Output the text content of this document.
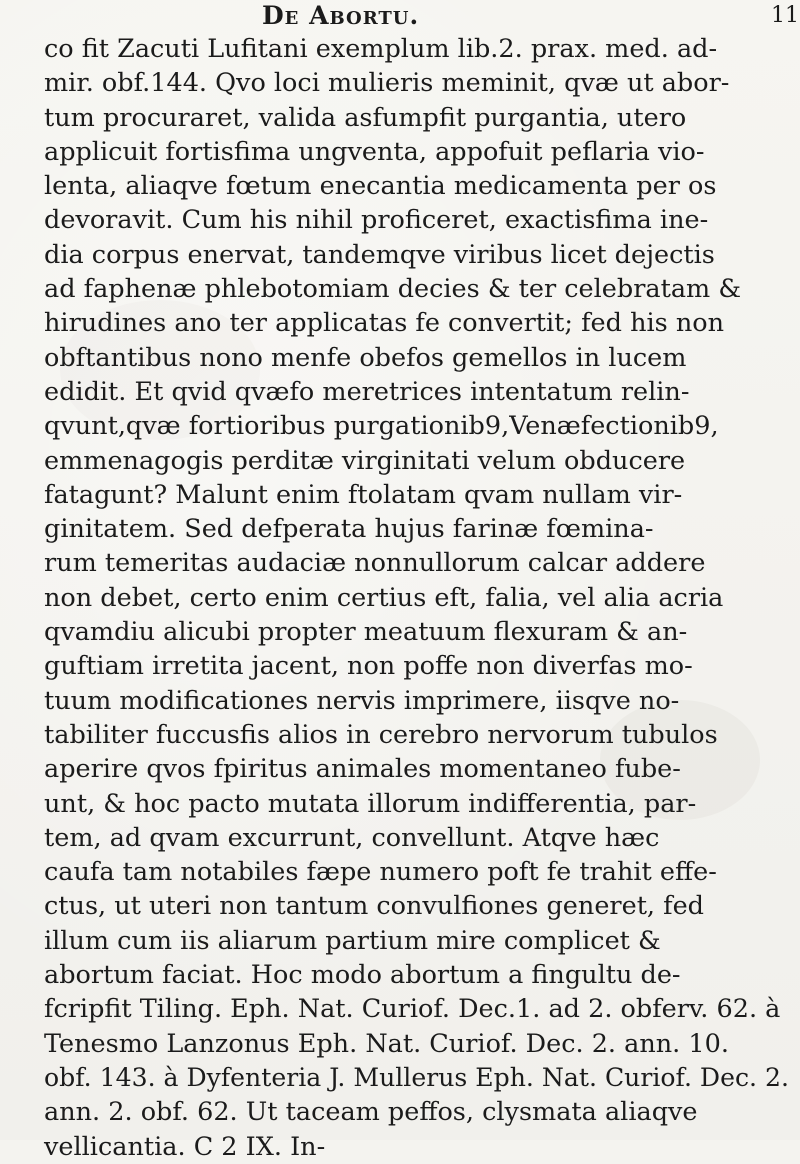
De Abortu.	11
co fit Zacuti Lufitani exemplum lib.2. prax. med. ad-
mir. obf.144. Qvo loci mulieris meminit, qvæ ut abor-
tum procuraret, valida asfumpfit purgantia, utero
applicuit fortisfima ungventa, appofuit peflaria vio-
lenta, aliaqve fœtum enecantia medicamenta per os
devoravit. Cum his nihil proficeret, exactisfima ine-
dia corpus enervat, tandemqve viribus licet dejectis
ad faphenæ phlebotomiam decies & ter celebratam &
hirudines ano ter applicatas fe convertit; fed his non
obftantibus nono menfe obefos gemellos in lucem
edidit. Et qvid qvæfo meretrices intentatum relin-
qvunt,qvæ fortioribus purgationib9,Venæfectionib9,
emmenagogis perditæ virginitati velum obducere
fatagunt? Malunt enim ftolatam qvam nullam vir-
ginitatem. Sed defperata hujus farinæ fœmina-
rum temeritas audaciæ nonnullorum calcar addere
non debet, certo enim certius eft, falia, vel alia acria
qvamdiu alicubi propter meatuum flexuram & an-
guftiam irretita jacent, non poffe non diverfas mo-
tuum modificationes nervis imprimere, iisqve no-
tabiliter fuccusfis alios in cerebro nervorum tubulos
aperire qvos fpiritus animales momentaneo fube-
unt, & hoc pacto mutata illorum indifferentia, par-
tem, ad qvam excurrunt, convellunt. Atqve hæc
caufa tam notabiles fæpe numero poft fe trahit effe-
ctus, ut uteri non tantum convulfiones generet, fed
illum cum iis aliarum partium mire complicet &
abortum faciat. Hoc modo abortum a fingultu de-
fcripfit Tiling. Eph. Nat. Curiof. Dec.1. ad 2. obferv. 62. à
Tenesmo Lanzonus Eph. Nat. Curiof. Dec. 2. ann. 10.
obf. 143. à Dyfenteria J. Mullerus Eph. Nat. Curiof. Dec. 2.
ann. 2. obf. 62. Ut taceam peffos, clysmata aliaqve
vellicantia. C 2 IX. In-
